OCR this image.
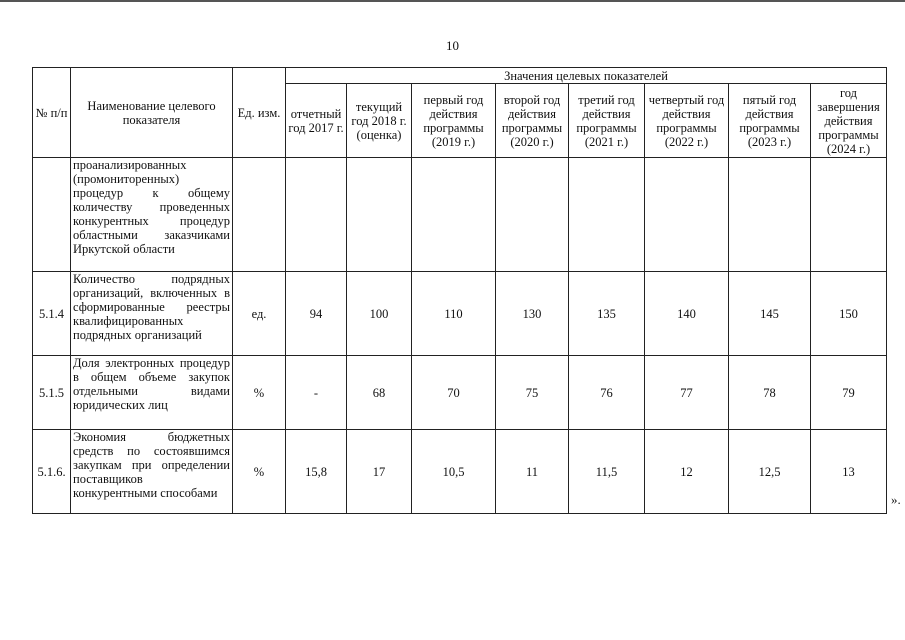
10
№ п/п	Наименование целевого показателя	Ед. изм.	Значения целевых показателей							
			отчетный год 2017 г.	текущий год 2018 г. (оценка)	первый год действия программы (2019 г.)	второй год действия программы (2020 г.)	третий год действия программы (2021 г.)	четвертый год действия программы (2022 г.)	пятый год действия программы (2023 г.)	год завершения действия программы (2024 г.)
	проанализированных (промониторенных) процедур к общему количеству проведенных конкурентных процедур областными заказчиками Иркутской области									
5.1.4	Количество подрядных организаций, включенных в сформированные реестры квалифицированных подрядных организаций	ед.	94	100	110	130	135	140	145	150
5.1.5	Доля электронных процедур в общем объеме закупок отдельными видами юридических лиц	%	-	68	70	75	76	77	78	79
5.1.6.	Экономия бюджетных средств по состоявшимся закупкам при определении поставщиков конкурентными способами	%	15,8	17	10,5	11	11,5	12	12,5	13
».
